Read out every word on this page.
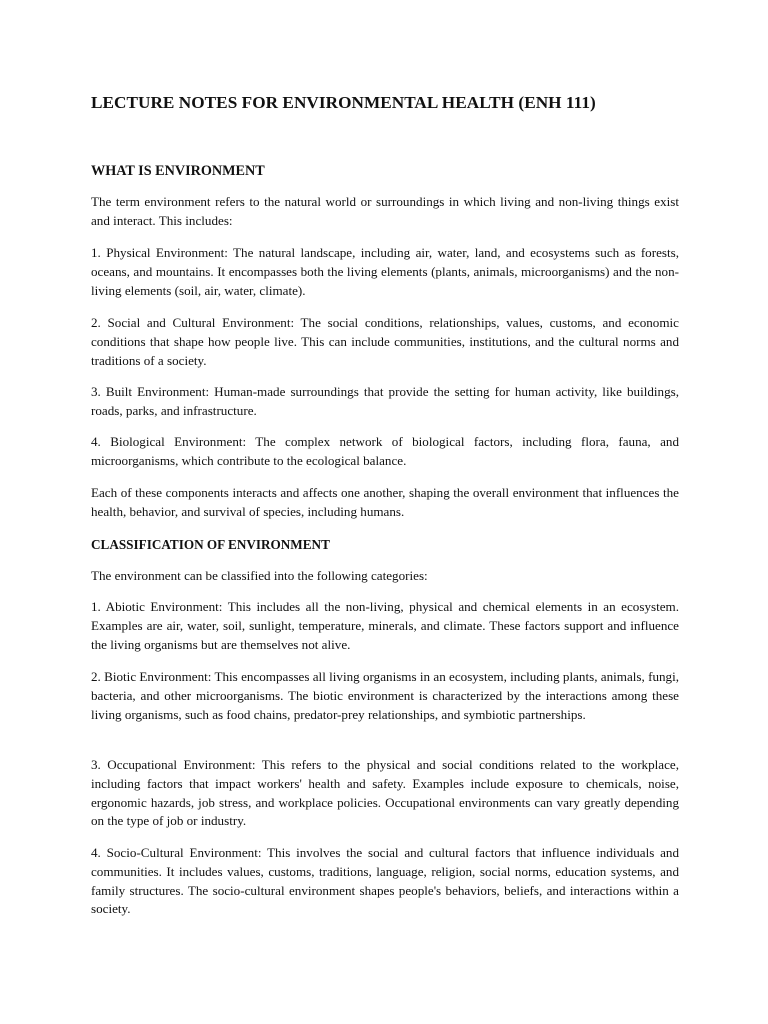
LECTURE NOTES FOR ENVIRONMENTAL HEALTH (ENH 111)
WHAT IS ENVIRONMENT

The term environment refers to the natural world or surroundings in which living and non-living things exist and interact. This includes:

1. Physical Environment: The natural landscape, including air, water, land, and ecosystems such as forests, oceans, and mountains. It encompasses both the living elements (plants, animals, microorganisms) and the non-living elements (soil, air, water, climate).

2. Social and Cultural Environment: The social conditions, relationships, values, customs, and economic conditions that shape how people live. This can include communities, institutions, and the cultural norms and traditions of a society.

3. Built Environment: Human-made surroundings that provide the setting for human activity, like buildings, roads, parks, and infrastructure.

4. Biological Environment: The complex network of biological factors, including flora, fauna, and microorganisms, which contribute to the ecological balance.

Each of these components interacts and affects one another, shaping the overall environment that influences the health, behavior, and survival of species, including humans.

CLASSIFICATION OF ENVIRONMENT

The environment can be classified into the following categories:

1. Abiotic Environment: This includes all the non-living, physical and chemical elements in an ecosystem. Examples are air, water, soil, sunlight, temperature, minerals, and climate. These factors support and influence the living organisms but are themselves not alive.

2. Biotic Environment: This encompasses all living organisms in an ecosystem, including plants, animals, fungi, bacteria, and other microorganisms. The biotic environment is characterized by the interactions among these living organisms, such as food chains, predator-prey relationships, and symbiotic partnerships.

3. Occupational Environment: This refers to the physical and social conditions related to the workplace, including factors that impact workers' health and safety. Examples include exposure to chemicals, noise, ergonomic hazards, job stress, and workplace policies. Occupational environments can vary greatly depending on the type of job or industry.

4. Socio-Cultural Environment: This involves the social and cultural factors that influence individuals and communities. It includes values, customs, traditions, language, religion, social norms, education systems, and family structures. The socio-cultural environment shapes people's behaviors, beliefs, and interactions within a society.
